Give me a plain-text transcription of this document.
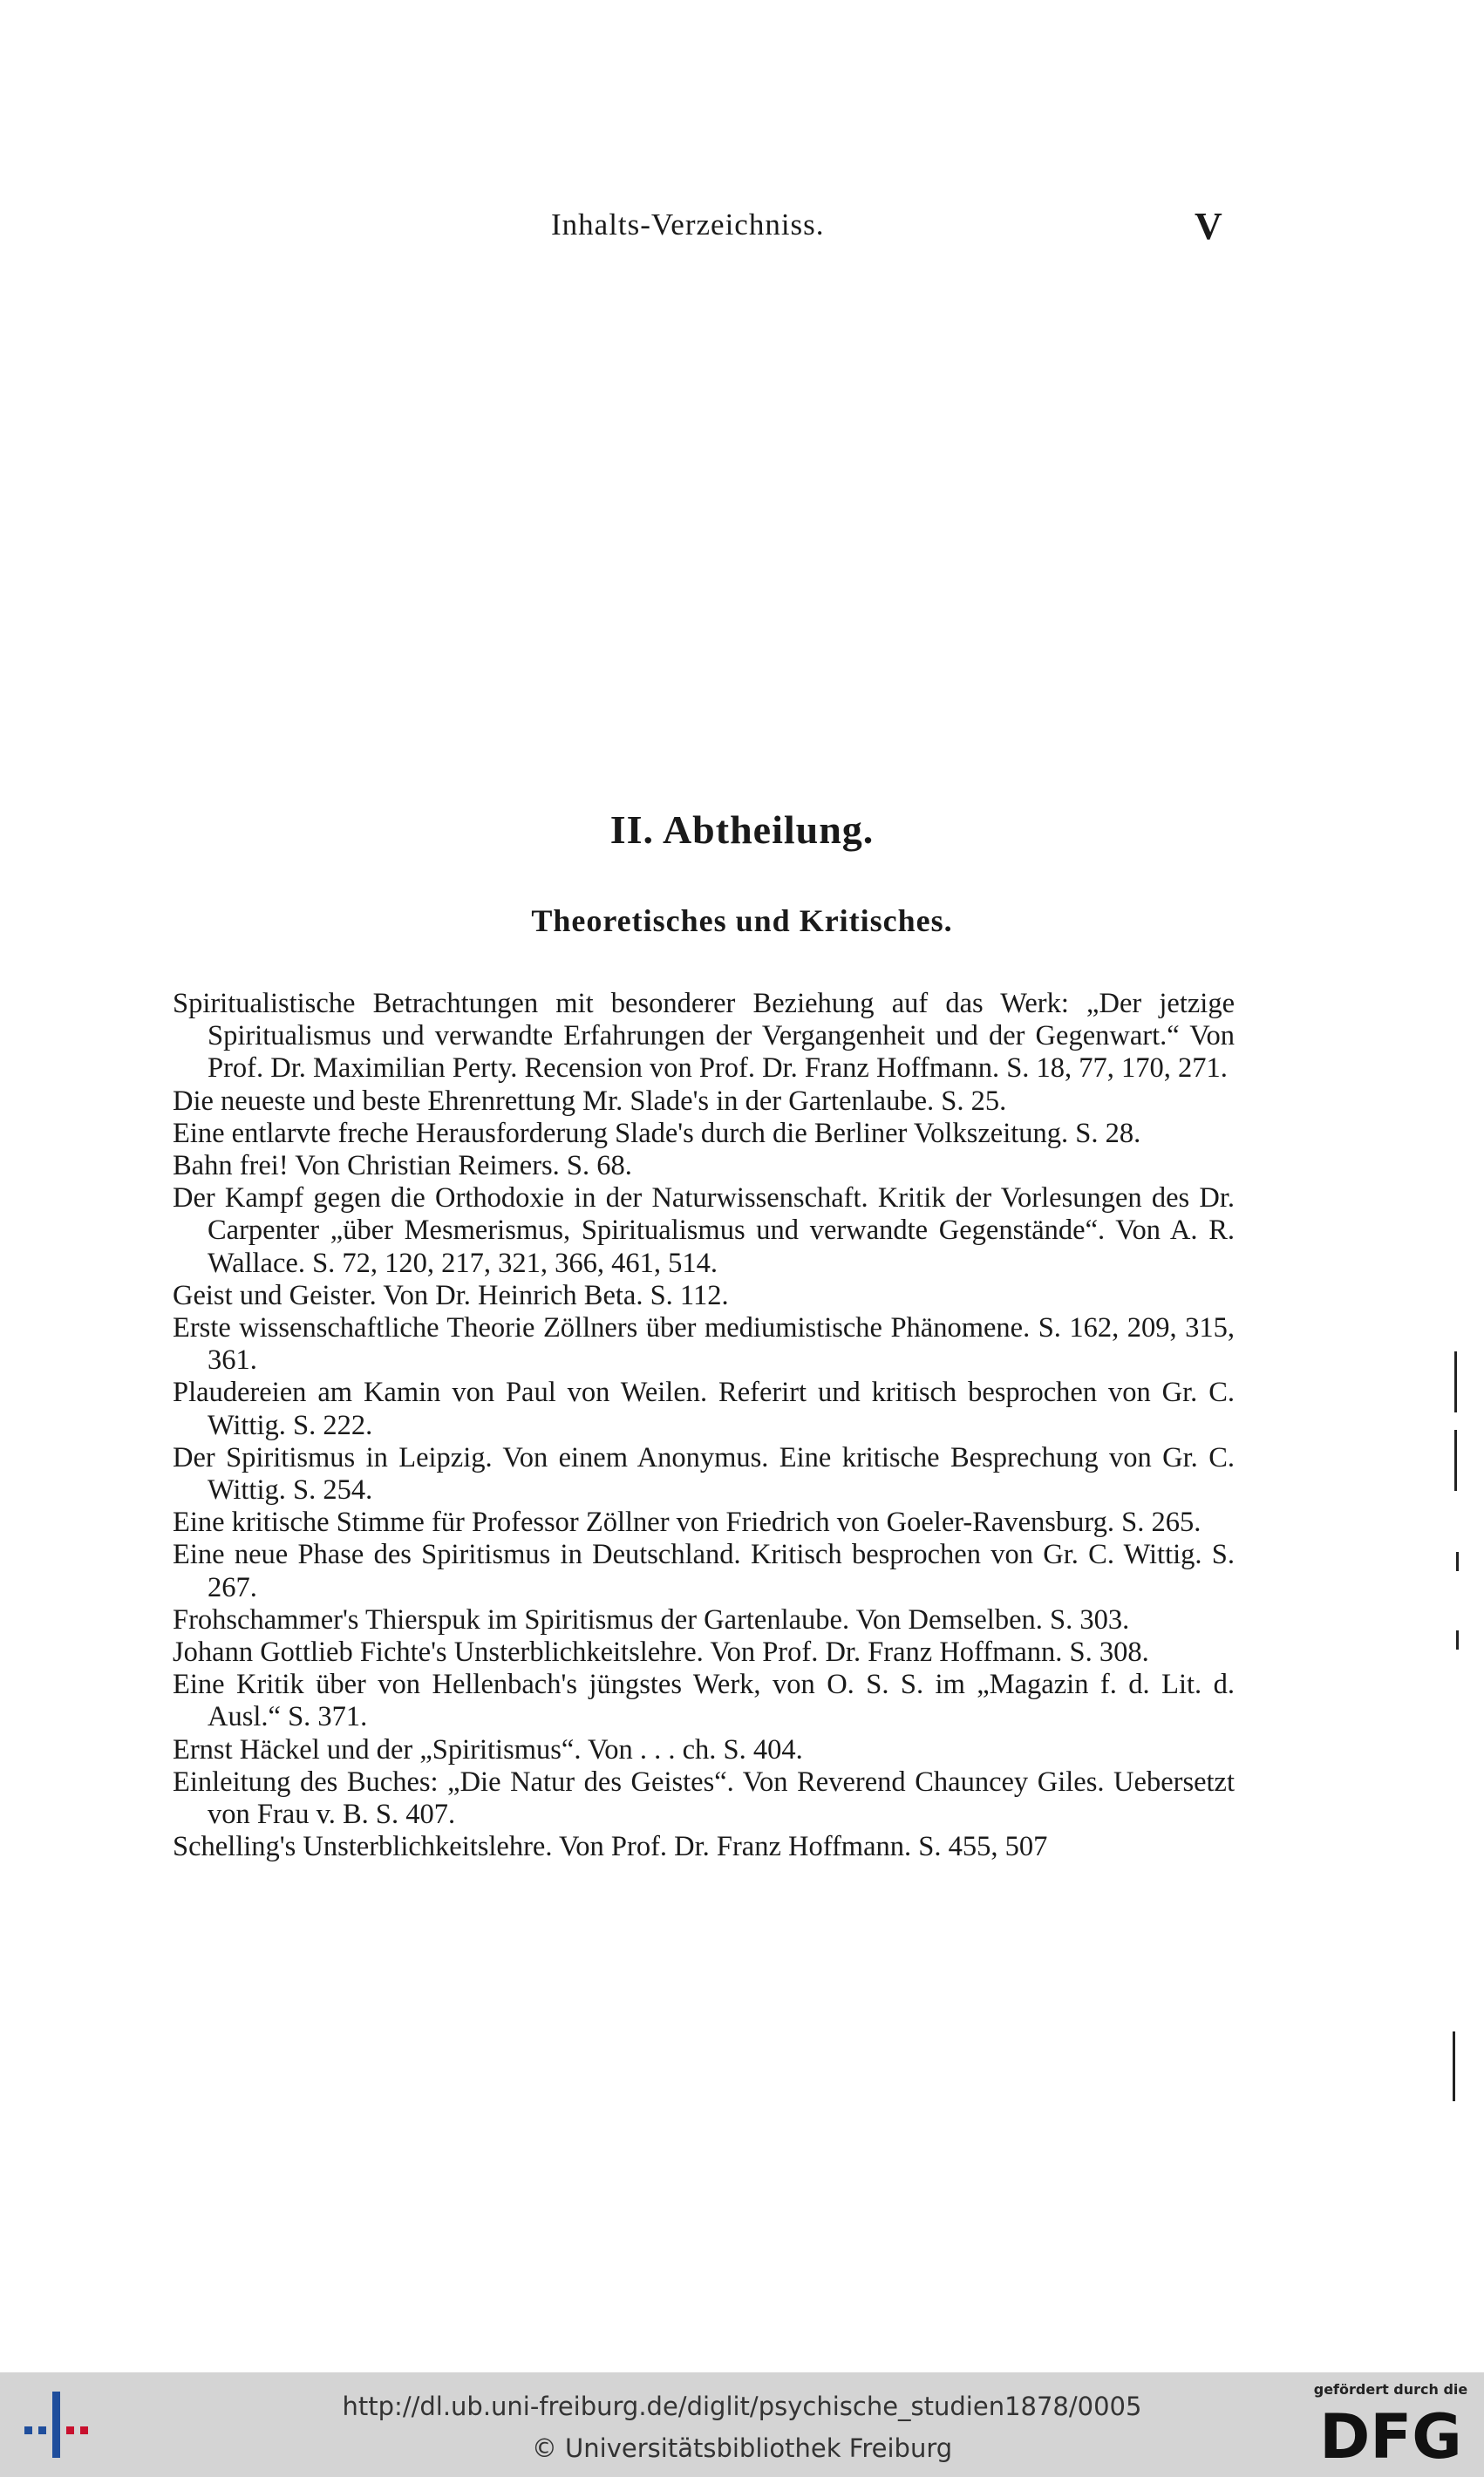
Inhalts-Verzeichniss.	V
II. Abtheilung.
Theoretisches und Kritisches.

Spiritualistische Betrachtungen mit besonderer Beziehung auf das Werk: „Der jetzige Spiritualismus und verwandte Erfahrungen der Vergangenheit und der Gegenwart.“ Von Prof. Dr. Maximilian Perty. Recension von Prof. Dr. Franz Hoffmann. S. 18, 77, 170, 271.

Die neueste und beste Ehrenrettung Mr. Slade's in der Gartenlaube. S. 25.

Eine entlarvte freche Herausforderung Slade's durch die Berliner Volkszeitung. S. 28.

Bahn frei! Von Christian Reimers. S. 68.

Der Kampf gegen die Orthodoxie in der Naturwissenschaft. Kritik der Vorlesungen des Dr. Carpenter „über Mesmerismus, Spiritualismus und verwandte Gegenstände“. Von A. R. Wallace. S. 72, 120, 217, 321, 366, 461, 514.

Geist und Geister. Von Dr. Heinrich Beta. S. 112.

Erste wissenschaftliche Theorie Zöllners über mediumistische Phänomene. S. 162, 209, 315, 361.

Plaudereien am Kamin von Paul von Weilen. Referirt und kritisch besprochen von Gr. C. Wittig. S. 222.

Der Spiritismus in Leipzig. Von einem Anonymus. Eine kritische Besprechung von Gr. C. Wittig. S. 254.

Eine kritische Stimme für Professor Zöllner von Friedrich von Goeler-Ravensburg. S. 265.

Eine neue Phase des Spiritismus in Deutschland. Kritisch besprochen von Gr. C. Wittig. S. 267.

Frohschammer's Thierspuk im Spiritismus der Gartenlaube. Von Demselben. S. 303.

Johann Gottlieb Fichte's Unsterblichkeitslehre. Von Prof. Dr. Franz Hoffmann. S. 308.

Eine Kritik über von Hellenbach's jüngstes Werk, von O. S. S. im „Magazin f. d. Lit. d. Ausl.“ S. 371.

Ernst Häckel und der „Spiritismus“. Von . . . ch. S. 404.

Einleitung des Buches: „Die Natur des Geistes“. Von Reverend Chauncey Giles. Uebersetzt von Frau v. B. S. 407.

Schelling's Unsterblichkeitslehre. Von Prof. Dr. Franz Hoffmann. S. 455, 507

http://dl.ub.uni-freiburg.de/diglit/psychische_studien1878/0005
© Universitätsbibliothek Freiburg
gefördert durch die
DFG
